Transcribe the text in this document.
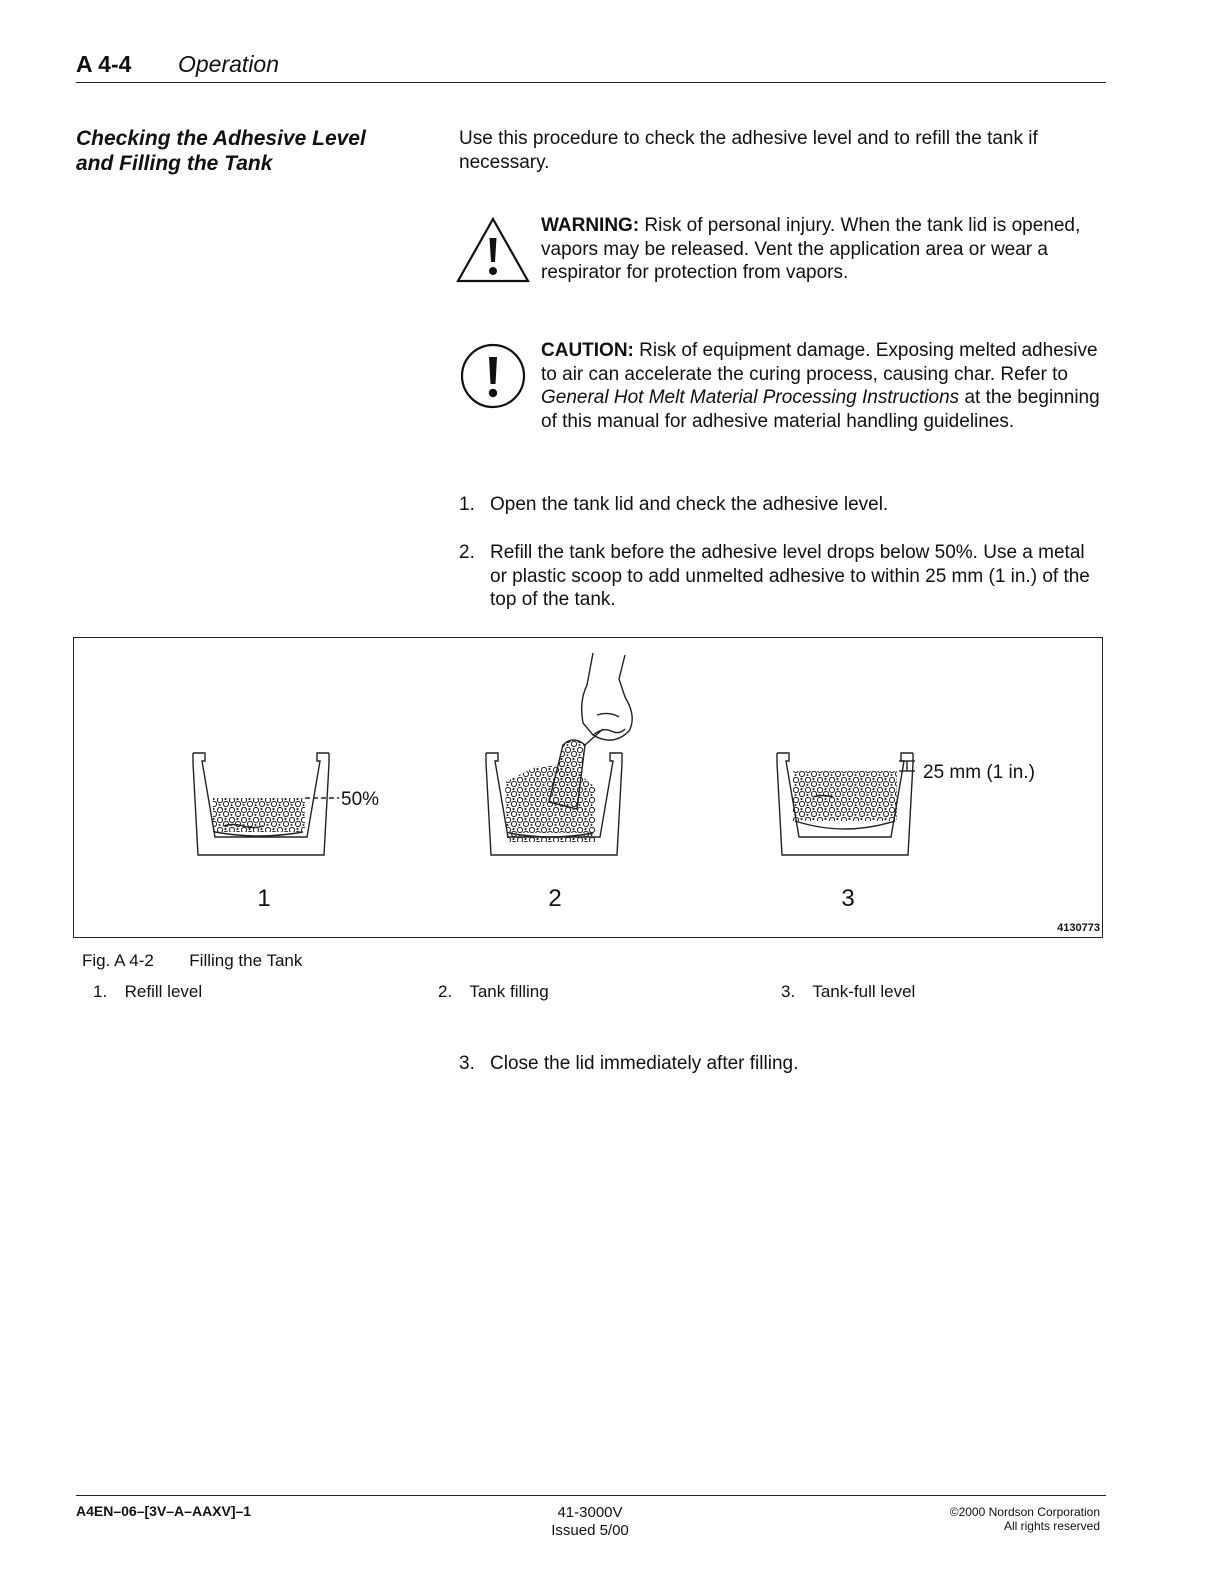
A 4-4 Operation
Checking the Adhesive Level
and Filling the Tank
Use this procedure to check the adhesive level and to refill the tank if necessary.
WARNING: Risk of personal injury. When the tank lid is opened, vapors may be released. Vent the application area or wear a respirator for protection from vapors.
CAUTION: Risk of equipment damage. Exposing melted adhesive to air can accelerate the curing process, causing char. Refer to General Hot Melt Material Processing Instructions at the beginning of this manual for adhesive material handling guidelines.
1. Open the tank lid and check the adhesive level.
2. Refill the tank before the adhesive level drops below 50%. Use a metal or plastic scoop to add unmelted adhesive to within 25 mm (1 in.) of the top of the tank.
50%
1	2
25 mm (1 in.)
3
4130773
Fig. A 4-2 Filling the Tank
1. Refill level	2. Tank filling	3. Tank-full level
3. Close the lid immediately after filling.
A4EN–06–[3V–A–AAXV]–1	41-3000V
Issued 5/00
©2000 Nordson Corporation
All rights reserved
